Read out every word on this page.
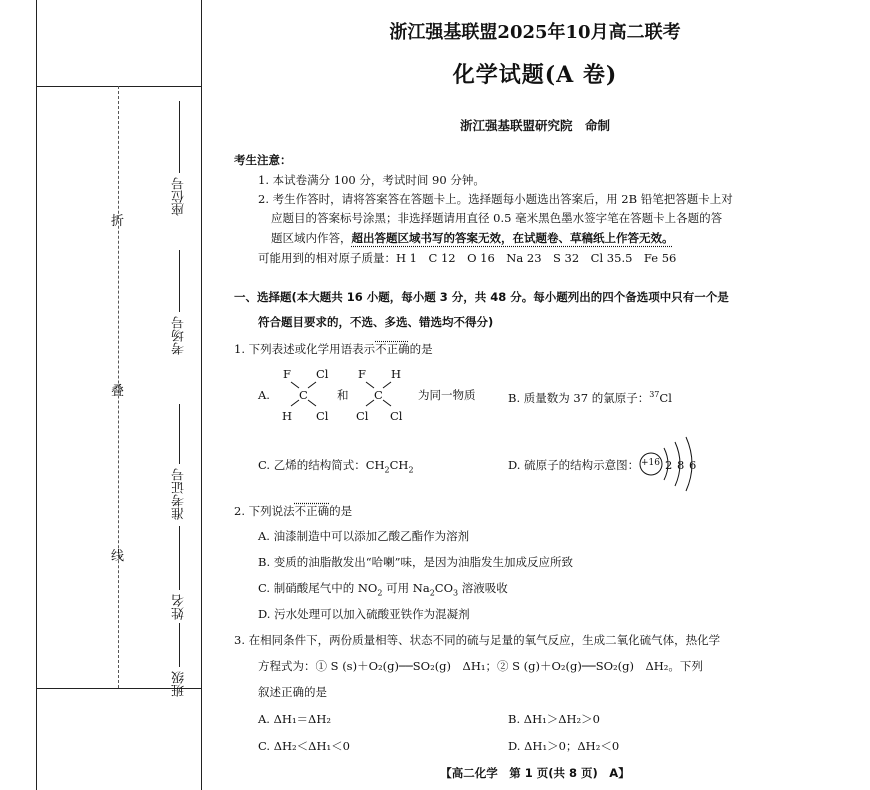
折
叠
线
座位号
考场号
准考证号
姓名
班级
浙江强基联盟2025年10月高二联考
化学试题(A 卷)
浙江强基联盟研究院　命制
考生注意：
1. 本试卷满分 100 分，考试时间 90 分钟。
2. 考生作答时，请将答案答在答题卡上。选择题每小题选出答案后，用 2B 铅笔把答题卡上对
应题目的答案标号涂黑；非选择题请用直径 0.5 毫米黑色墨水签字笔在答题卡上各题的答
题区域内作答，超出答题区域书写的答案无效，在试题卷、草稿纸上作答无效。
可能用到的相对原子质量：H 1　C 12　O 16　Na 23　S 32　Cl 35.5　Fe 56
一、选择题(本大题共 16 小题，每小题 3 分，共 48 分。每小题列出的四个备选项中只有一个是
符合题目要求的，不选、多选、错选均不得分)
1. 下列表述或化学用语表示不正确的是
A.
F Cl
C
H Cl
和
F H
C
Cl Cl
为同一物质	B. 质量数为 37 的氯原子：$^{37}$Cl
C. 乙烯的结构简式：$CH_2CH_2$	D. 硫原子的结构示意图： +16 2 8 6
2. 下列说法不正确的是
A. 油漆制造中可以添加乙酸乙酯作为溶剂
B. 变质的油脂散发出“哈喇”味，是因为油脂发生加成反应所致
C. 制硝酸尾气中的 $NO_2$ 可用 $Na_2CO_3$ 溶液吸收
D. 污水处理可以加入硫酸亚铁作为混凝剂
3. 在相同条件下，两份质量相等、状态不同的硫与足量的氧气反应，生成二氧化硫气体，热化学
方程式为：① S (s)＋O₂(g)──SO₂(g)　ΔH₁；② S (g)＋O₂(g)──SO₂(g)　ΔH₂。下列
叙述正确的是
A. ΔH₁＝ΔH₂	B. ΔH₁＞ΔH₂＞0
C. ΔH₂＜ΔH₁＜0	D. ΔH₁＞0；ΔH₂＜0
【高二化学　第 1 页(共 8 页)　A】
